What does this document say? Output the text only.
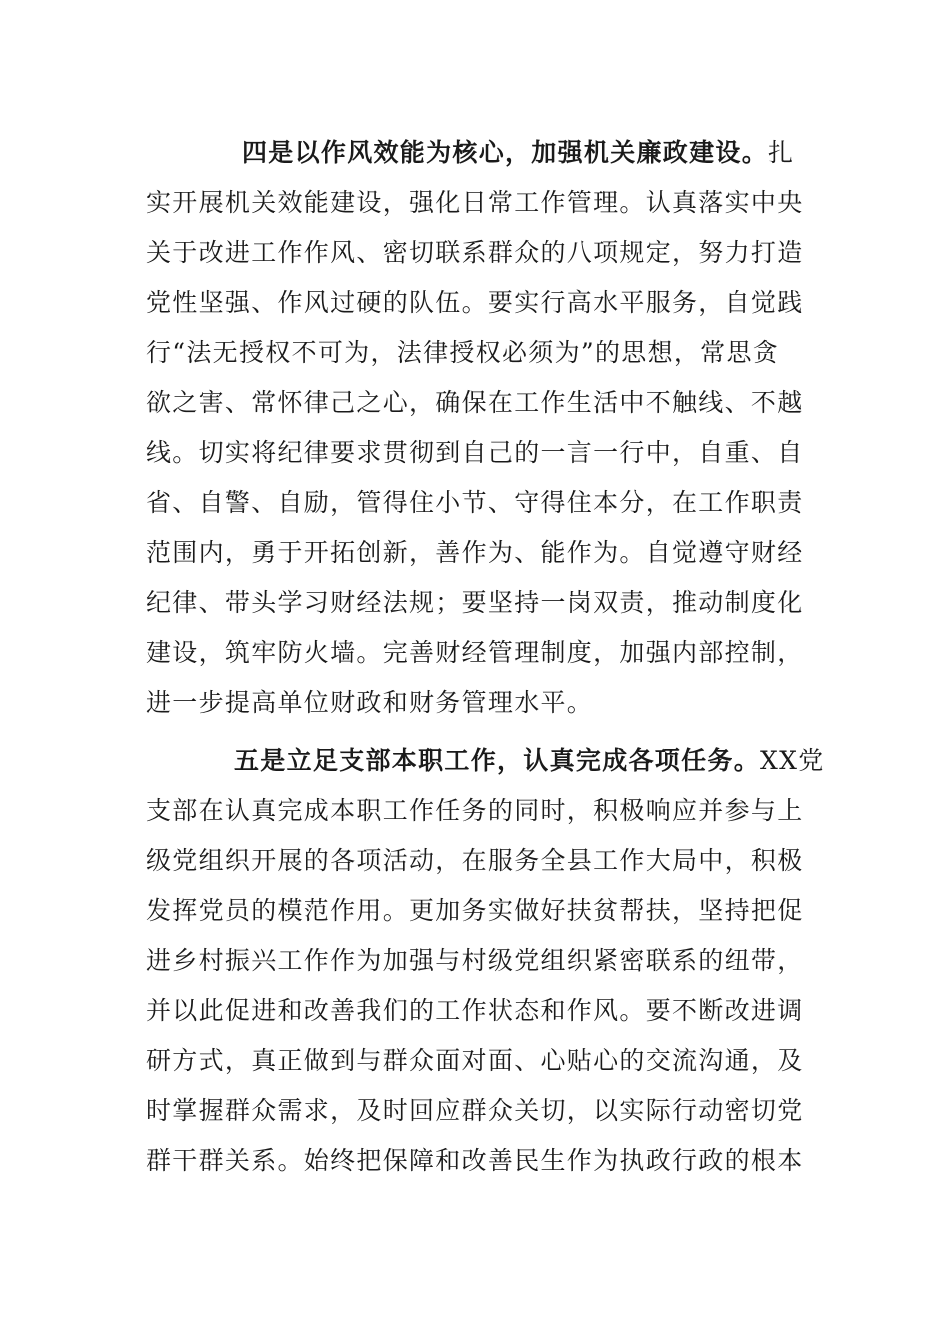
四是以作风效能为核心，加强机关廉政建设。扎
实开展机关效能建设，强化日常工作管理。认真落实中央
关于改进工作作风、密切联系群众的八项规定，努力打造
党性坚强、作风过硬的队伍。要实行高水平服务，自觉践
行“法无授权不可为，法律授权必须为”的思想，常思贪
欲之害、常怀律己之心，确保在工作生活中不触线、不越
线。切实将纪律要求贯彻到自己的一言一行中，自重、自
省、自警、自励，管得住小节、守得住本分，在工作职责
范围内，勇于开拓创新，善作为、能作为。自觉遵守财经
纪律、带头学习财经法规；要坚持一岗双责，推动制度化
建设，筑牢防火墙。完善财经管理制度，加强内部控制，
进一步提高单位财政和财务管理水平。
五是立足支部本职工作，认真完成各项任务。XX党
支部在认真完成本职工作任务的同时，积极响应并参与上
级党组织开展的各项活动，在服务全县工作大局中，积极
发挥党员的模范作用。更加务实做好扶贫帮扶，坚持把促
进乡村振兴工作作为加强与村级党组织紧密联系的纽带，
并以此促进和改善我们的工作状态和作风。要不断改进调
研方式，真正做到与群众面对面、心贴心的交流沟通，及
时掌握群众需求，及时回应群众关切，以实际行动密切党
群干群关系。始终把保障和改善民生作为执政行政的根本
